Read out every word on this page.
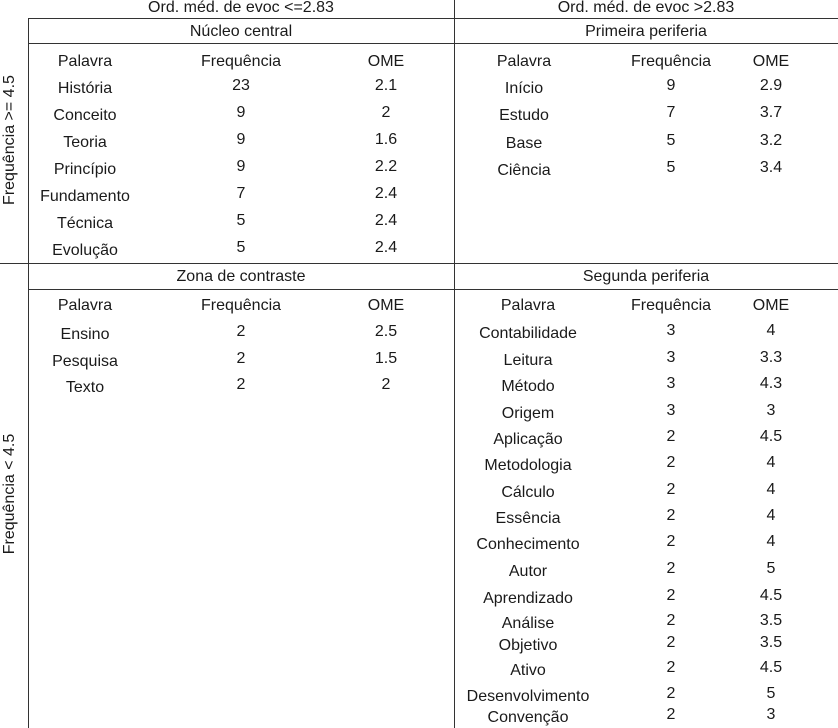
Ord. méd. de evoc <=2.83	Ord. méd. de evoc >2.83
Frequência >= 4.5
Frequência < 4.5
Núcleo central	Primeira periferia
Zona de contraste	Segunda periferia
Palavra	Frequência	OME
História	23	2.1
Conceito	9	2
Teoria	9	1.6
Princípio	9	2.2
Fundamento	7	2.4
Técnica	5	2.4
Evolução	5	2.4
Palavra	Frequência	OME
Início	9	2.9
Estudo	7	3.7
Base	5	3.2
Ciência	5	3.4
Palavra	Frequência	OME
Ensino	2	2.5
Pesquisa	2	1.5
Texto	2	2
Palavra	Frequência	OME
Contabilidade	3	4
Leitura	3	3.3
Método	3	4.3
Origem	3	3
Aplicação	2	4.5
Metodologia	2	4
Cálculo	2	4
Essência	2	4
Conhecimento	2	4
Autor	2	5
Aprendizado	2	4.5
Análise	2	3.5
Objetivo	2	3.5
Ativo	2	4.5
Desenvolvimento	2	5
Convenção	2	3
